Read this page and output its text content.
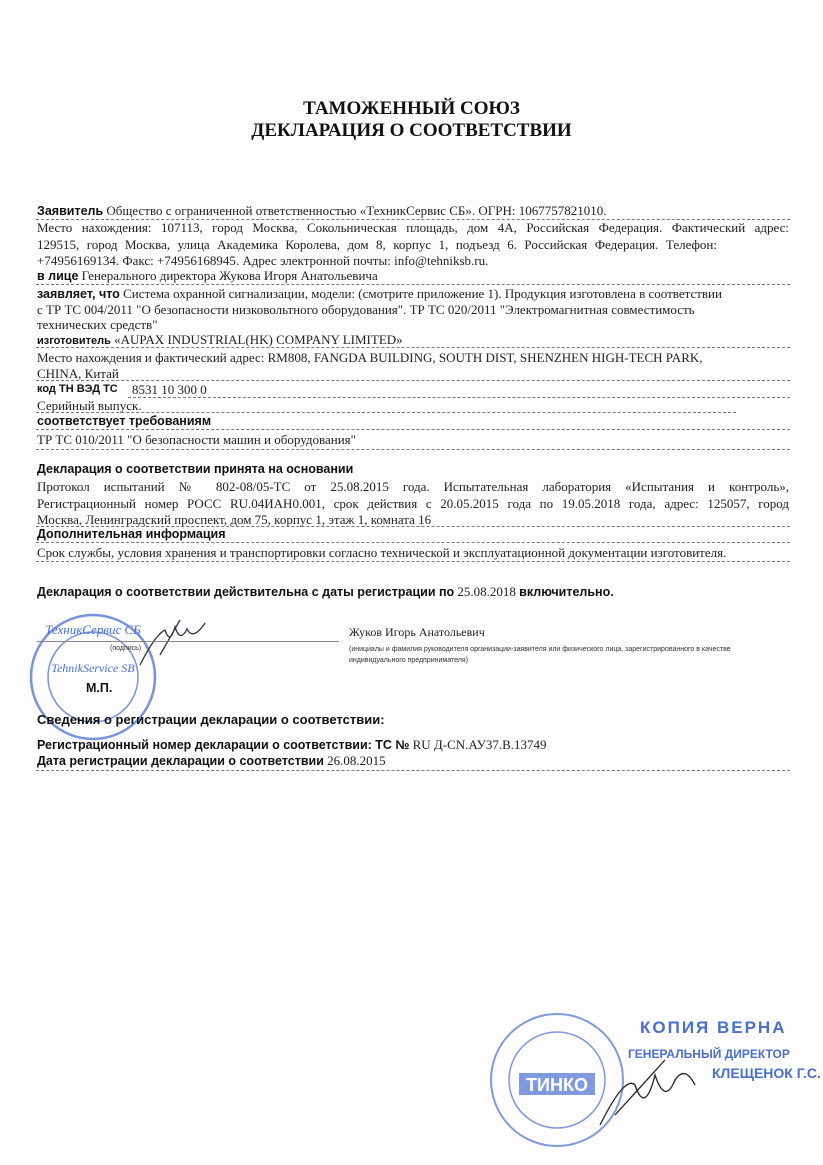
ТАМОЖЕННЫЙ СОЮЗ
ДЕКЛАРАЦИЯ О СООТВЕТСТВИИ
Заявитель Общество с ограниченной ответственностью «ТехникСервис СБ». ОГРН: 1067757821010.
Место нахождения: 107113, город Москва, Сокольническая площадь, дом 4А, Российская Федерация. Фактический адрес:
129515, город Москва, улица Академика Королева, дом 8, корпус 1, подъезд 6. Российская Федерация. Телефон:
+74956169134. Факс: +74956168945. Адрес электронной почты: info@tehniksb.ru.
в лице Генерального директора Жукова Игоря Анатольевича
заявляет, что Система охранной сигнализации, модели: (смотрите приложение 1). Продукция изготовлена в соответствии
с ТР ТС 004/2011 "О безопасности низковольтного оборудования". ТР ТС 020/2011 "Электромагнитная совместимость
технических средств"
изготовитель «AUPAX INDUSTRIAL(HK) COMPANY LIMITED»
Место нахождения и фактический адрес: RM808, FANGDA BUILDING, SOUTH DIST, SHENZHEN HIGH-TECH PARK,
CHINA, Китай
код ТН ВЭД ТС 8531 10 300 0
Серийный выпуск.
соответствует требованиям
ТР ТС 010/2011 "О безопасности машин и оборудования"
Декларация о соответствии принята на основании
Протокол испытаний № 802-08/05-ТС от 25.08.2015 года. Испытательная лаборатория «Испытания и контроль»,
Регистрационный номер РОСС RU.04ИАН0.001, срок действия с 20.05.2015 года по 19.05.2018 года, адрес: 125057, город
Москва, Ленинградский проспект, дом 75, корпус 1, этаж 1, комната 16
Дополнительная информация
Срок службы, условия хранения и транспортировки согласно технической и эксплуатационной документации изготовителя.
Декларация о соответствии действительна с даты регистрации по 25.08.2018 включительно.
ТехникСервис СБ
TehnikService SB
(подпись)
Жуков Игорь Анатольевич
(инициалы и фамилия руководителя организации-заявителя или физического лица, зарегистрированного в качестве
индивидуального предпринимателя)
М.П.
Сведения о регистрации декларации о соответствии:
Регистрационный номер декларации о соответствии: ТС № RU Д-CN.АУ37.В.13749
Дата регистрации декларации о соответствии 26.08.2015
ТИНКО
КОПИЯ ВЕРНА
ГЕНЕРАЛЬНЫЙ ДИРЕКТОР
КЛЕЩЕНОК Г.С.
